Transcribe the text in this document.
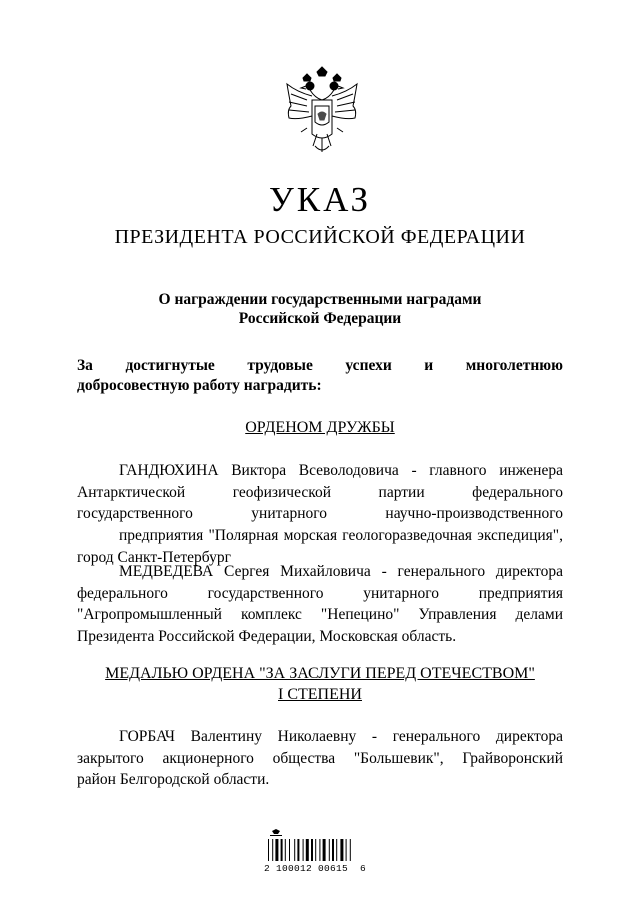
УКАЗ
ПРЕЗИДЕНТА РОССИЙСКОЙ ФЕДЕРАЦИИ
О награждении государственными наградами
Российской Федерации
За достигнутые трудовые успехи и многолетнюю
добросовестную работу наградить:
ОРДЕНОМ ДРУЖБЫ
ГАНДЮХИНА Виктора Всеволодовича - главного инженера
Антарктической геофизической партии федерального
государственного унитарного научно-производственного
предприятия "Полярная морская геологоразведочная экспедиция",
город Санкт-Петербург
МЕДВЕДЕВА Сергея Михайловича - генерального директора
федерального государственного унитарного предприятия
"Агропромышленный комплекс "Непецино" Управления делами
Президента Российской Федерации, Московская область.
МЕДАЛЬЮ ОРДЕНА "ЗА ЗАСЛУГИ ПЕРЕД ОТЕЧЕСТВОМ"
I СТЕПЕНИ
ГОРБАЧ Валентину Николаевну - генерального директора
закрытого акционерного общества "Большевик", Грайворонский
район Белгородской области.
2 100012 00615  6
